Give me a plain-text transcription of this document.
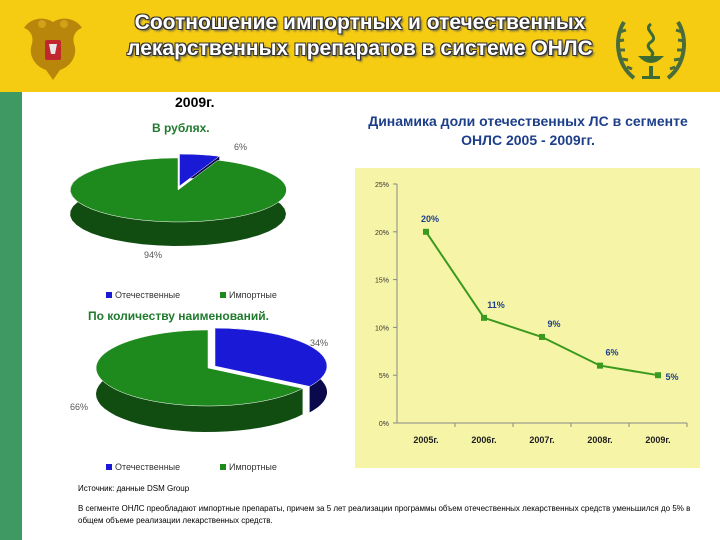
Соотношение импортных и отечественных
лекарственных препаратов в системе ОНЛС
2009г.
В рублях.
По количеству наименований.
Динамика доли отечественных ЛС в сегменте ОНЛС 2005 - 2009гг.
6%
94%
Отечественные	Импортные
34%
66%
Отечественные	Импортные
0%
5%
10%
15%
20%
25%
2005г.	2006г.	2007г.	2008г.	2009г.
20%
11%
9%
6%
5%
Источник: данные DSM Group
В сегменте ОНЛС преобладают импортные препараты, причем за 5 лет реализации программы объем отечественных лекарственных средств уменьшился до 5% в общем объеме реализации лекарственных средств.
